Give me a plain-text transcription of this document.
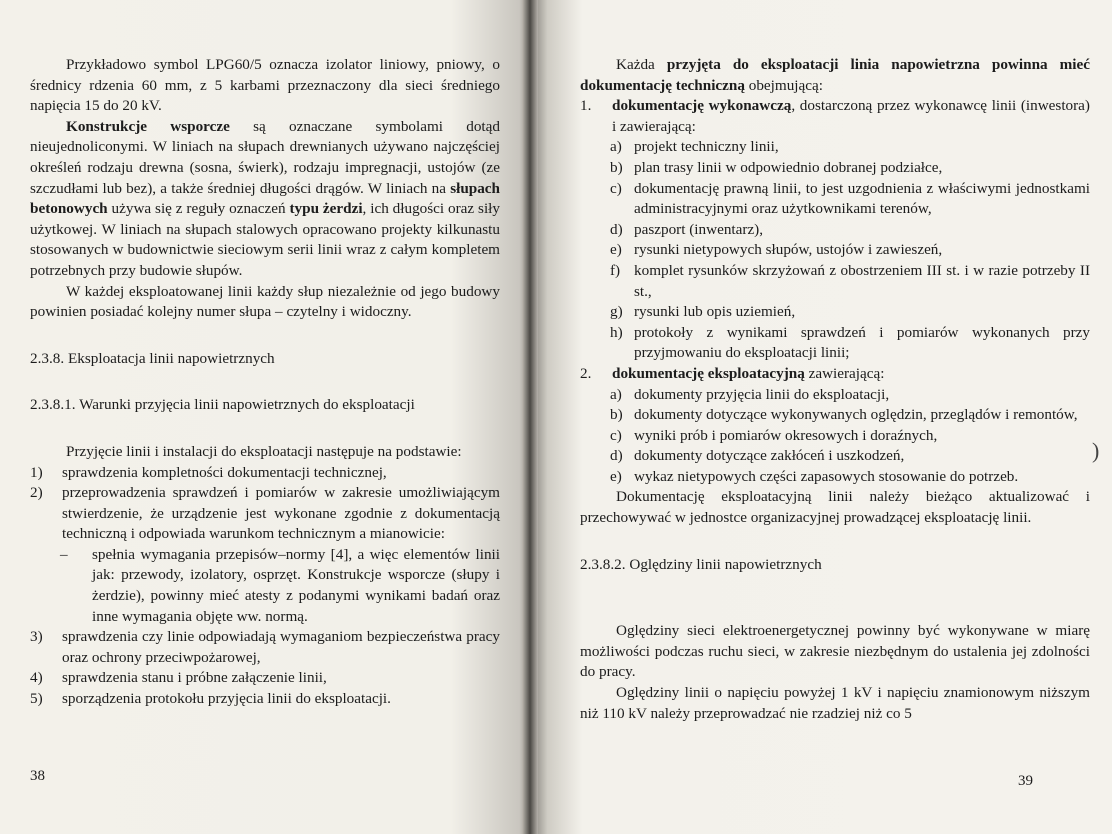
Przykładowo symbol LPG60/5 oznacza izolator liniowy, pniowy, o średnicy rdzenia 60 mm, z 5 karbami przeznaczony dla sieci średniego napięcia 15 do 20 kV.

Konstrukcje wsporcze są oznaczane symbolami dotąd nieujednoliconymi. W liniach na słupach drewnianych używano najczęściej określeń rodzaju drewna (sosna, świerk), rodzaju impregnacji, ustojów (ze szczudłami lub bez), a także średniej długości drągów. W liniach na słupach betonowych używa się z reguły oznaczeń typu żerdzi, ich długości oraz siły użytkowej. W liniach na słupach stalowych opracowano projekty kilkunastu stosowanych w budownictwie sieciowym serii linii wraz z całym kompletem potrzebnych przy budowie słupów.

W każdej eksploatowanej linii każdy słup niezależnie od jego budowy powinien posiadać kolejny numer słupa – czytelny i widoczny.

2.3.8. Eksploatacja linii napowietrznych

2.3.8.1. Warunki przyjęcia linii napowietrznych do eksploatacji

Przyjęcie linii i instalacji do eksploatacji następuje na podstawie:

1) sprawdzenia kompletności dokumentacji technicznej,
2) przeprowadzenia sprawdzeń i pomiarów w zakresie umożliwiającym stwierdzenie, że urządzenie jest wykonane zgodnie z dokumentacją techniczną i odpowiada warunkom technicznym a mianowicie:
– spełnia wymagania przepisów–normy [4], a więc elementów linii jak: przewody, izolatory, osprzęt. Konstrukcje wsporcze (słupy i żerdzie), powinny mieć atesty z podanymi wynikami badań oraz inne wymagania objęte ww. normą.
3) sprawdzenia czy linie odpowiadają wymaganiom bezpieczeństwa pracy oraz ochrony przeciwpożarowej,
4) sprawdzenia stanu i próbne załączenie linii,
5) sporządzenia protokołu przyjęcia linii do eksploatacji.
38

Każda przyjęta do eksploatacji linia napowietrzna powinna mieć dokumentację techniczną obejmującą:

1. dokumentację wykonawczą, dostarczoną przez wykonawcę linii (inwestora) i zawierającą:
a) projekt techniczny linii,
b) plan trasy linii w odpowiednio dobranej podziałce,
c) dokumentację prawną linii, to jest uzgodnienia z właściwymi jednostkami administracyjnymi oraz użytkownikami terenów,
d) paszport (inwentarz),
e) rysunki nietypowych słupów, ustojów i zawieszeń,
f) komplet rysunków skrzyżowań z obostrzeniem III st. i w razie potrzeby II st.,
g) rysunki lub opis uziemień,
h) protokoły z wynikami sprawdzeń i pomiarów wykonanych przy przyjmowaniu do eksploatacji linii;
2. dokumentację eksploatacyjną zawierającą:
a) dokumenty przyjęcia linii do eksploatacji,
b) dokumenty dotyczące wykonywanych oględzin, przeglądów i remontów,
c) wyniki prób i pomiarów okresowych i doraźnych,
d) dokumenty dotyczące zakłóceń i uszkodzeń,
e) wykaz nietypowych części zapasowych stosowanie do potrzeb.

Dokumentację eksploatacyjną linii należy bieżąco aktualizować i przechowywać w jednostce organizacyjnej prowadzącej eksploatację linii.

2.3.8.2. Oględziny linii napowietrznych

Oględziny sieci elektroenergetycznej powinny być wykonywane w miarę możliwości podczas ruchu sieci, w zakresie niezbędnym do ustalenia jej zdolności do pracy.

Oględziny linii o napięciu powyżej 1 kV i napięciu znamionowym niższym niż 110 kV należy przeprowadzać nie rzadziej niż co 5

39
)
